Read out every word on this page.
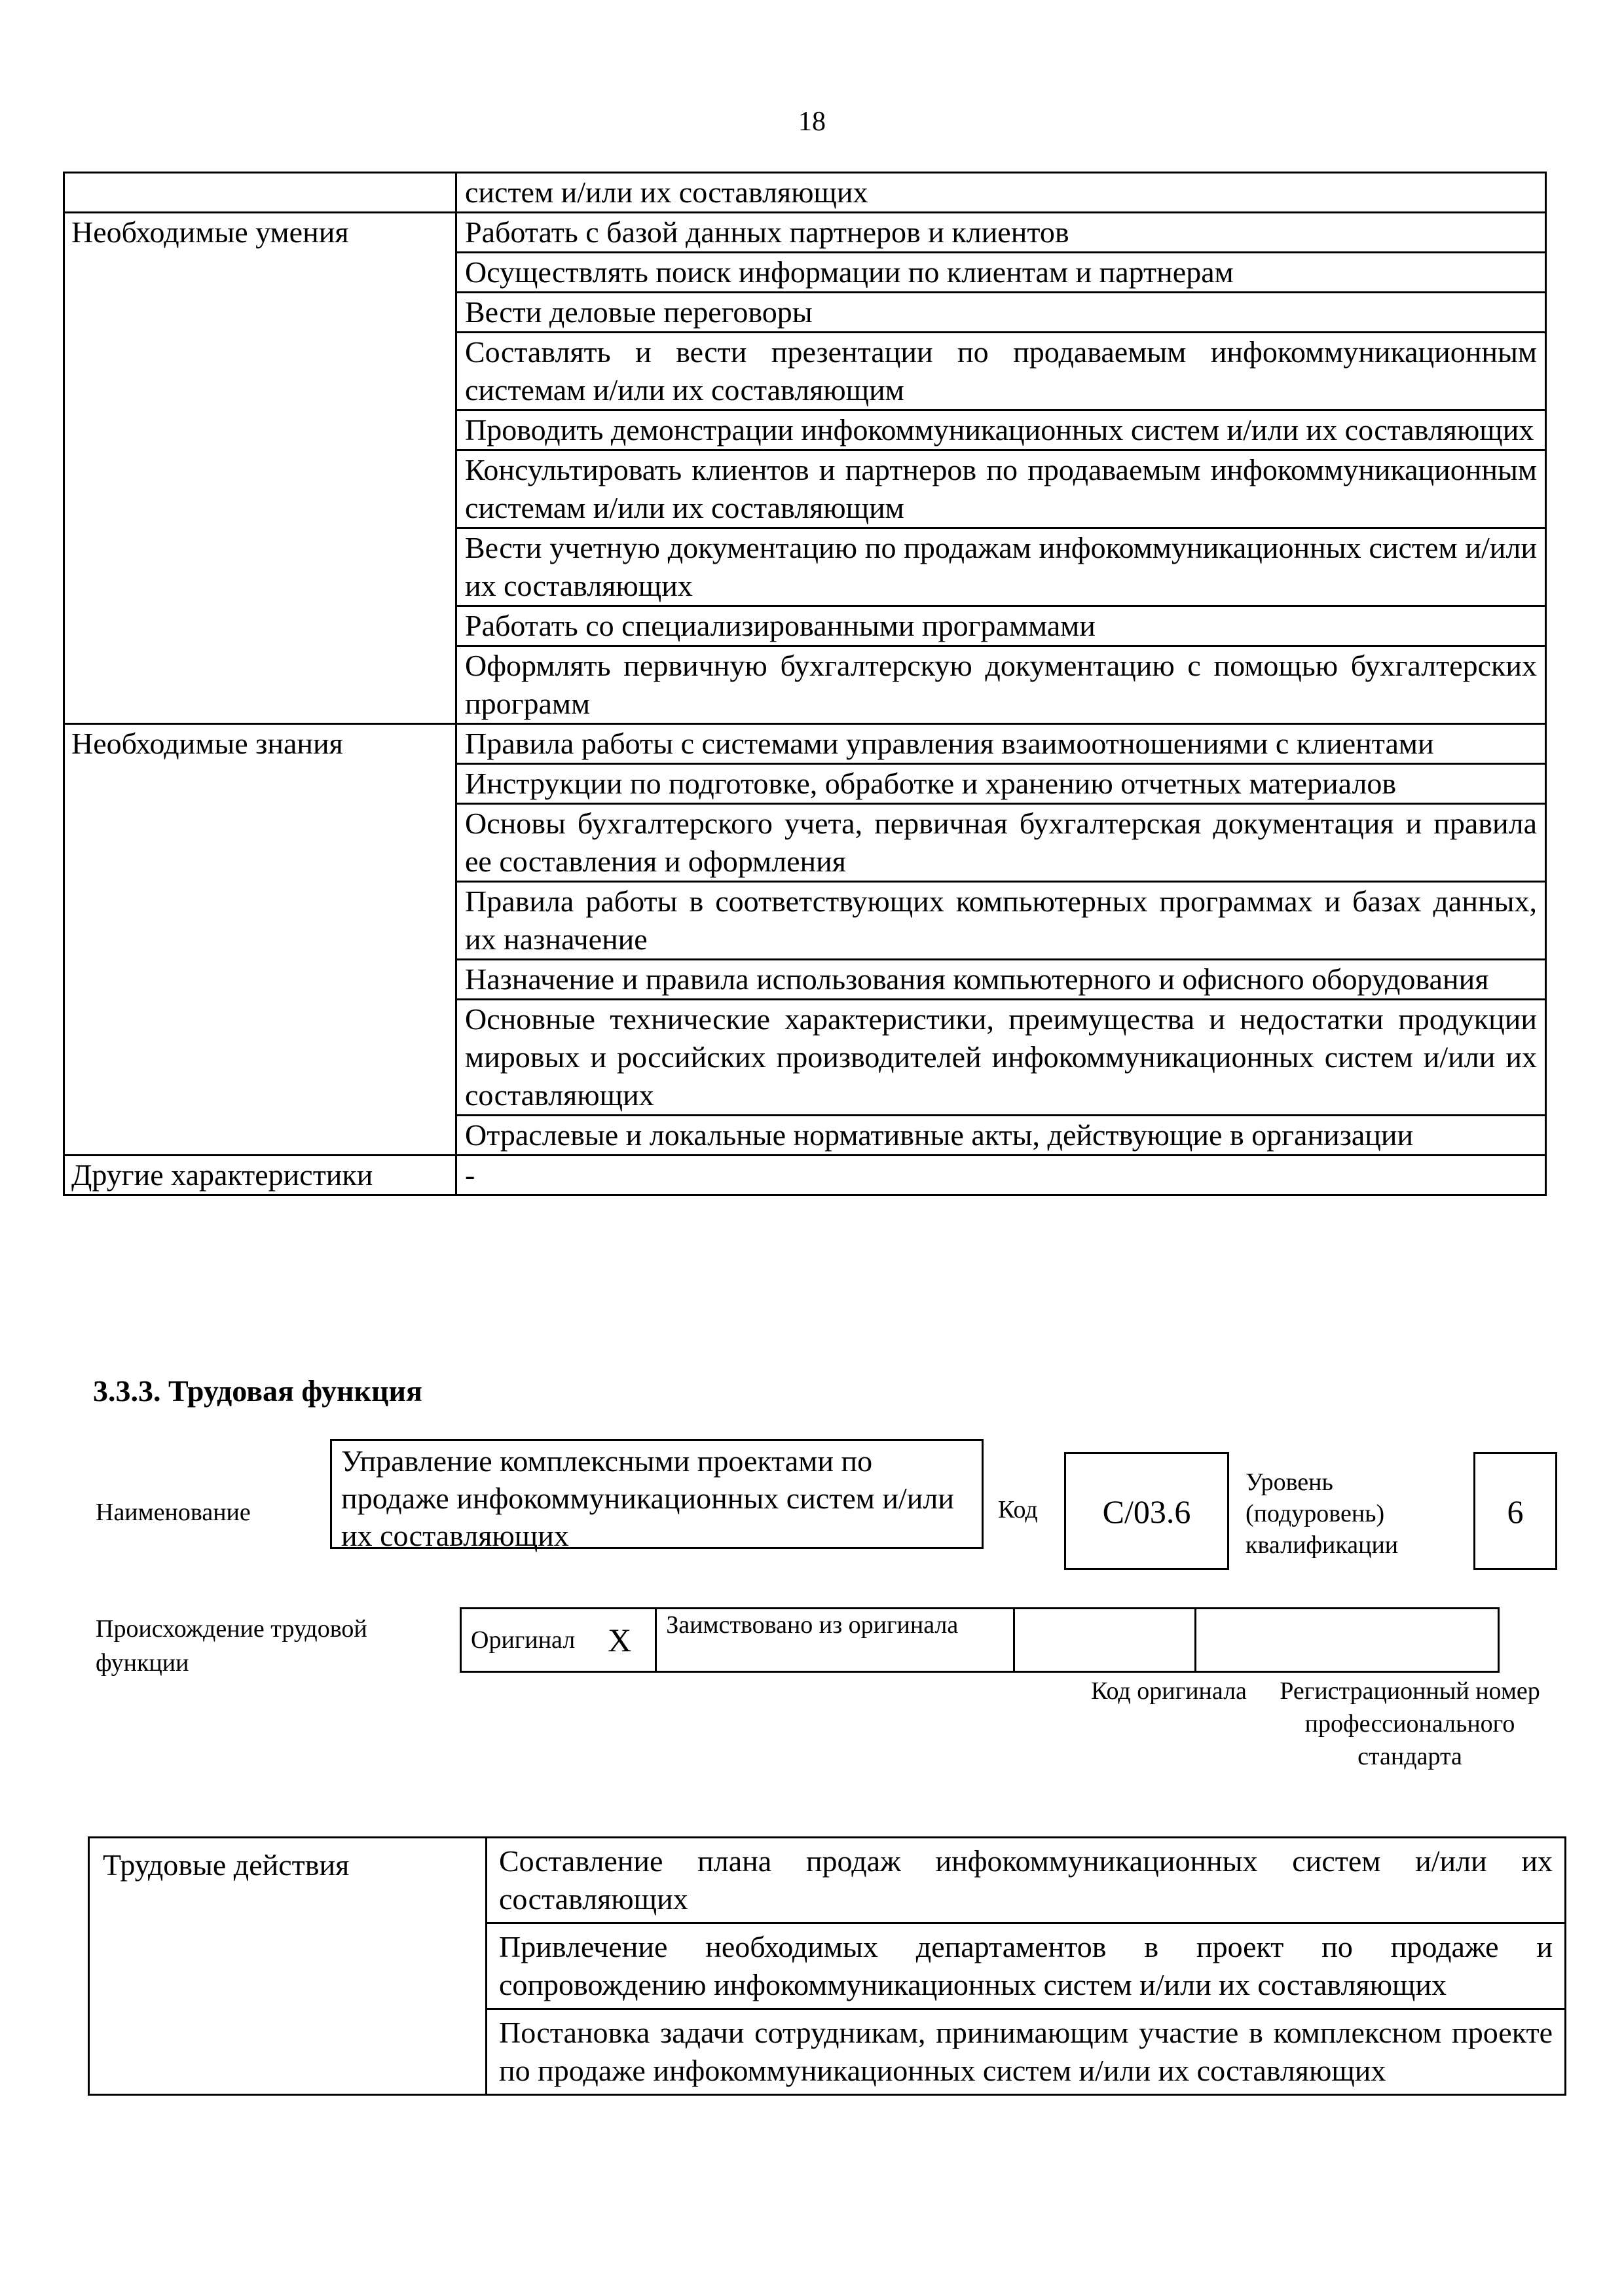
18
	систем и/или их составляющих
Необходимые умения	Работать с базой данных партнеров и клиентов
	Осуществлять поиск информации по клиентам и партнерам
	Вести деловые переговоры
	Составлять и вести презентации по продаваемым инфокоммуникационным системам и/или их составляющим
	Проводить демонстрации инфокоммуникационных систем и/или их составляющих
	Консультировать клиентов и партнеров по продаваемым инфокоммуникационным системам и/или их составляющим
	Вести учетную документацию по продажам инфокоммуникационных систем и/или их составляющих
	Работать со специализированными программами
	Оформлять первичную бухгалтерскую документацию с помощью бухгалтерских программ
Необходимые знания	Правила работы с системами управления взаимоотношениями с клиентами
	Инструкции по подготовке, обработке и хранению отчетных материалов
	Основы бухгалтерского учета, первичная бухгалтерская документация и правила ее составления и оформления
	Правила работы в соответствующих компьютерных программах и базах данных, их назначение
	Назначение и правила использования компьютерного и офисного оборудования
	Основные технические характеристики, преимущества и недостатки продукции мировых и российских производителей инфокоммуникационных систем и/или их составляющих
	Отраслевые и локальные нормативные акты, действующие в организации
Другие характеристики	-
3.3.3. Трудовая функция
Наименование
Управление комплексными проектами по продаже инфокоммуникационных систем и/или их составляющих
Код	C/03.6
Уровень
(подуровень)
квалификации
6
Происхождение трудовой функции
Оригинал	X	Заимствовано из оригинала		
Код оригинала	Регистрационный номер профессионального стандарта
Трудовые действия	Составление плана продаж инфокоммуникационных систем и/или их составляющих
Привлечение необходимых департаментов в проект по продаже и сопровождению инфокоммуникационных систем и/или их составляющих
Постановка задачи сотрудникам, принимающим участие в комплексном проекте по продаже инфокоммуникационных систем и/или их составляющих
